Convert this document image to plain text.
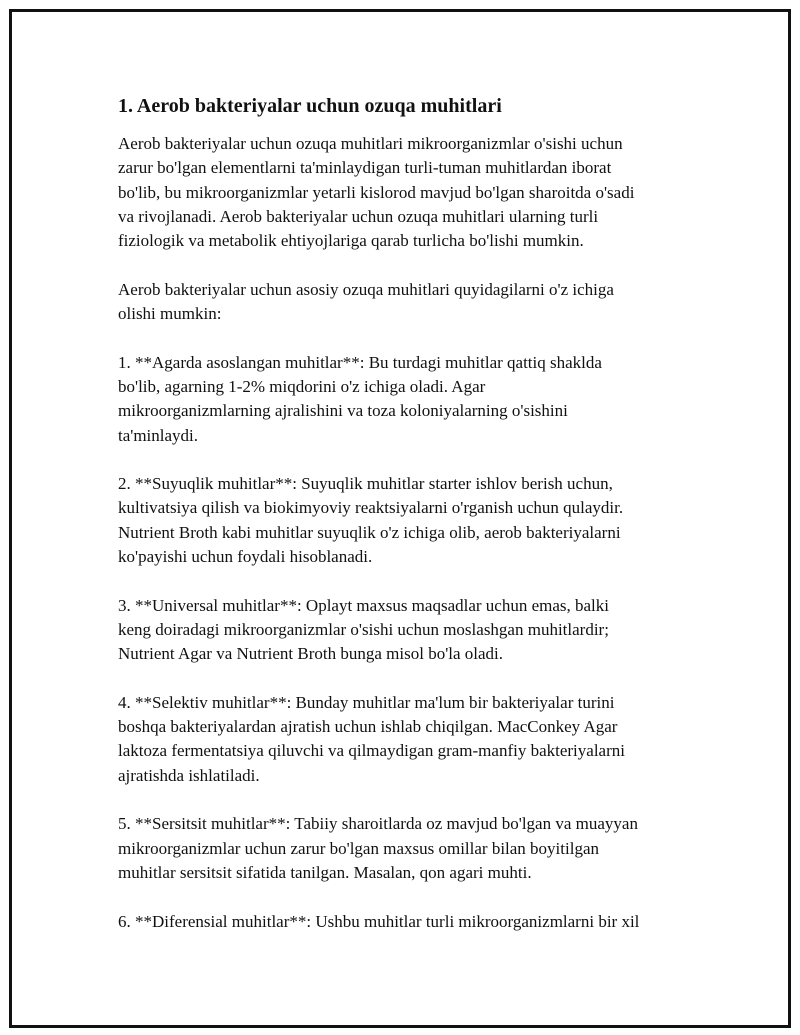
1. Aerob bakteriyalar uchun ozuqa muhitlari

Aerob bakteriyalar uchun ozuqa muhitlari mikroorganizmlar o'sishi uchun
zarur bo'lgan elementlarni ta'minlaydigan turli-tuman muhitlardan iborat
bo'lib, bu mikroorganizmlar yetarli kislorod mavjud bo'lgan sharoitda o'sadi
va rivojlanadi. Aerob bakteriyalar uchun ozuqa muhitlari ularning turli
fiziologik va metabolik ehtiyojlariga qarab turlicha bo'lishi mumkin.

Aerob bakteriyalar uchun asosiy ozuqa muhitlari quyidagilarni o'z ichiga
olishi mumkin:

1. **Agarda asoslangan muhitlar**: Bu turdagi muhitlar qattiq shaklda
bo'lib, agarning 1-2% miqdorini o'z ichiga oladi. Agar
mikroorganizmlarning ajralishini va toza koloniyalarning o'sishini
ta'minlaydi.

2. **Suyuqlik muhitlar**: Suyuqlik muhitlar starter ishlov berish uchun,
kultivatsiya qilish va biokimyoviy reaktsiyalarni o'rganish uchun qulaydir.
Nutrient Broth kabi muhitlar suyuqlik o'z ichiga olib, aerob bakteriyalarni
ko'payishi uchun foydali hisoblanadi.

3. **Universal muhitlar**: Oplayt maxsus maqsadlar uchun emas, balki
keng doiradagi mikroorganizmlar o'sishi uchun moslashgan muhitlardir;
Nutrient Agar va Nutrient Broth bunga misol bo'la oladi.

4. **Selektiv muhitlar**: Bunday muhitlar ma'lum bir bakteriyalar turini
boshqa bakteriyalardan ajratish uchun ishlab chiqilgan. MacConkey Agar
laktoza fermentatsiya qiluvchi va qilmaydigan gram-manfiy bakteriyalarni
ajratishda ishlatiladi.

5. **Sersitsit muhitlar**: Tabiiy sharoitlarda oz mavjud bo'lgan va muayyan
mikroorganizmlar uchun zarur bo'lgan maxsus omillar bilan boyitilgan
muhitlar sersitsit sifatida tanilgan. Masalan, qon agari muhti.

6. **Diferensial muhitlar**: Ushbu muhitlar turli mikroorganizmlarni bir xil
